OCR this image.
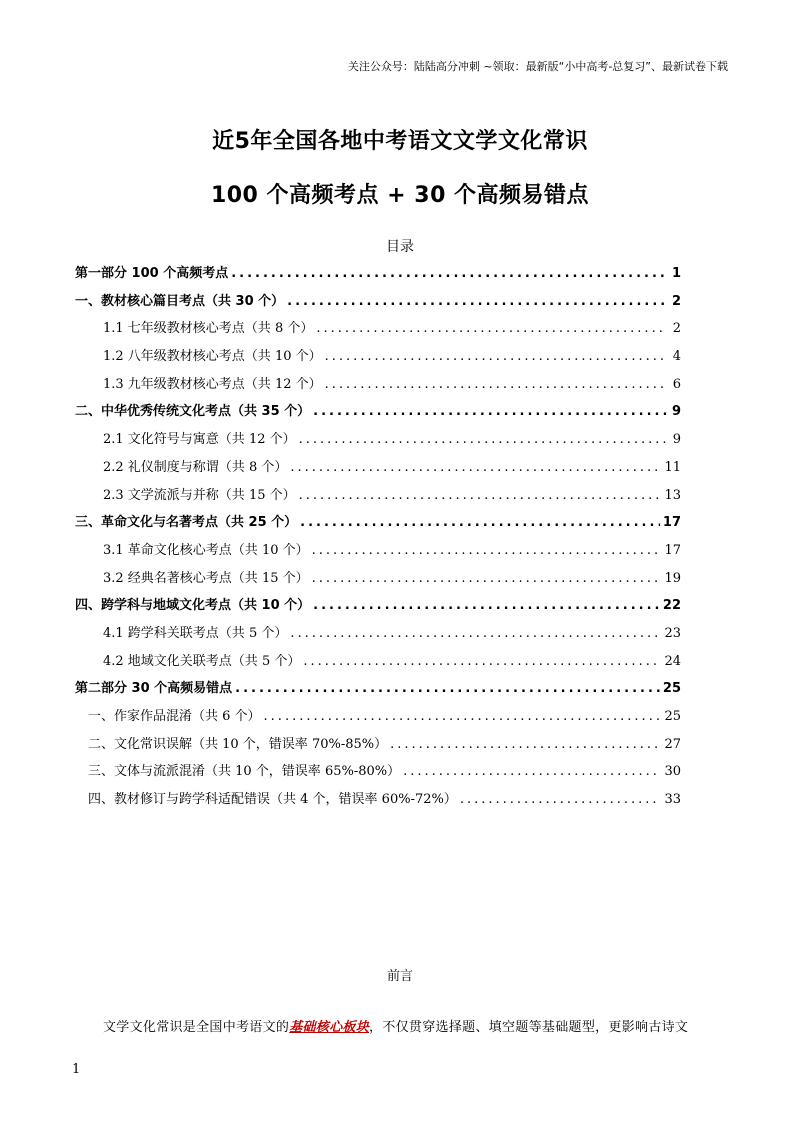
关注公众号：陆陆高分冲刺 ~领取：最新版“小中高考-总复习”、最新试卷下载
近5年全国各地中考语文文学文化常识
100 个高频考点 + 30 个高频易错点
目录
第一部分 100 个高频考点 .....	1
一、教材核心篇目考点（共 30 个） .....	2
1.1 七年级教材核心考点（共 8 个） .....	2
1.2 八年级教材核心考点（共 10 个） .....	4
1.3 九年级教材核心考点（共 12 个） .....	6
二、中华优秀传统文化考点（共 35 个） .....	9
2.1 文化符号与寓意（共 12 个） .....	9
2.2 礼仪制度与称谓（共 8 个） .....	11
2.3 文学流派与并称（共 15 个） .....	13
三、革命文化与名著考点（共 25 个） .....	17
3.1 革命文化核心考点（共 10 个） .....	17
3.2 经典名著核心考点（共 15 个） .....	19
四、跨学科与地域文化考点（共 10 个） .....	22
4.1 跨学科关联考点（共 5 个） .....	23
4.2 地域文化关联考点（共 5 个） .....	24
第二部分 30 个高频易错点 .....	25
一、作家作品混淆（共 6 个） .....	25
二、文化常识误解（共 10 个，错误率 70%-85%） .....	27
三、文体与流派混淆（共 10 个，错误率 65%-80%） .....	30
四、教材修订与跨学科适配错误（共 4 个，错误率 60%-72%） .....	33
前言
文学文化常识是全国中考语文的基础核心板块，不仅贯穿选择题、填空题等基础题型，更影响古诗文
1
